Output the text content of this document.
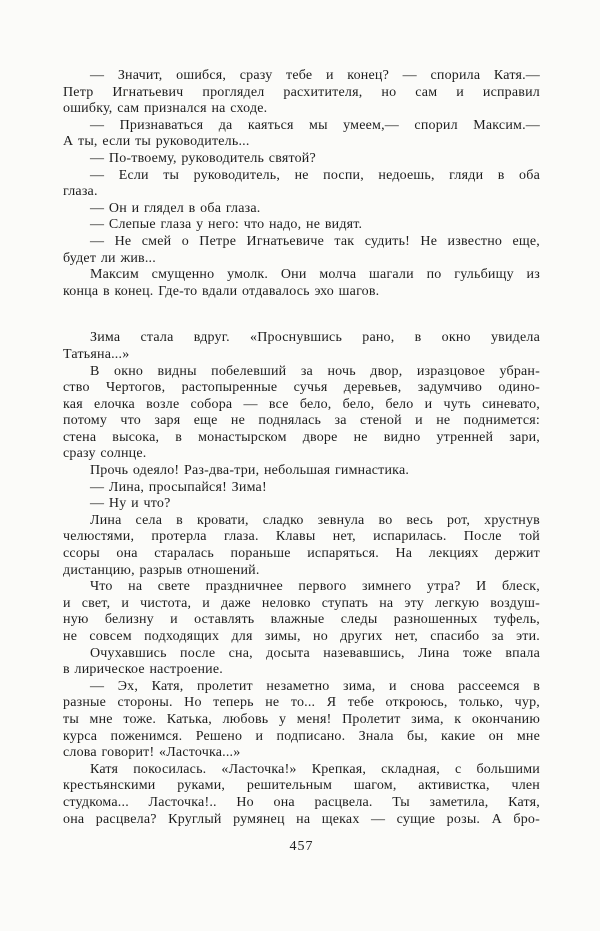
— Значит, ошибся, сразу тебе и конец? — спорила Катя.—
Петр Игнатьевич проглядел расхитителя, но сам и исправил
ошибку, сам признался на сходе.
— Признаваться да каяться мы умеем,— спорил Максим.—
А ты, если ты руководитель...
— По-твоему, руководитель святой?
— Если ты руководитель, не поспи, недоешь, гляди в оба
глаза.
— Он и глядел в оба глаза.
— Слепые глаза у него: что надо, не видят.
— Не смей о Петре Игнатьевиче так судить! Не известно еще,
будет ли жив...
Максим смущенно умолк. Они молча шагали по гульбищу из
конца в конец. Где-то вдали отдавалось эхо шагов.
Зима стала вдруг. «Проснувшись рано, в окно увидела
Татьяна...»
В окно видны побелевший за ночь двор, изразцовое убран-
ство Чертогов, растопыренные сучья деревьев, задумчиво одино-
кая елочка возле собора — все бело, бело, бело и чуть синевато,
потому что заря еще не поднялась за стеной и не поднимется:
стена высока, в монастырском дворе не видно утренней зари,
сразу солнце.
Прочь одеяло! Раз-два-три, небольшая гимнастика.
— Лина, просыпайся! Зима!
— Ну и что?
Лина села в кровати, сладко зевнула во весь рот, хрустнув
челюстями, протерла глаза. Клавы нет, испарилась. После той
ссоры она старалась пораньше испаряться. На лекциях держит
дистанцию, разрыв отношений.
Что на свете праздничнее первого зимнего утра? И блеск,
и свет, и чистота, и даже неловко ступать на эту легкую воздуш-
ную белизну и оставлять влажные следы разношенных туфель,
не совсем подходящих для зимы, но других нет, спасибо за эти.
Очухавшись после сна, досыта назевавшись, Лина тоже впала
в лирическое настроение.
— Эх, Катя, пролетит незаметно зима, и снова рассеемся в
разные стороны. Но теперь не то... Я тебе откроюсь, только, чур,
ты мне тоже. Катька, любовь у меня! Пролетит зима, к окончанию
курса поженимся. Решено и подписано. Знала бы, какие он мне
слова говорит! «Ласточка...»
Катя покосилась. «Ласточка!» Крепкая, складная, с большими
крестьянскими руками, решительным шагом, активистка, член
студкома... Ласточка!.. Но она расцвела. Ты заметила, Катя,
она расцвела? Круглый румянец на щеках — сущие розы. А бро-
457
